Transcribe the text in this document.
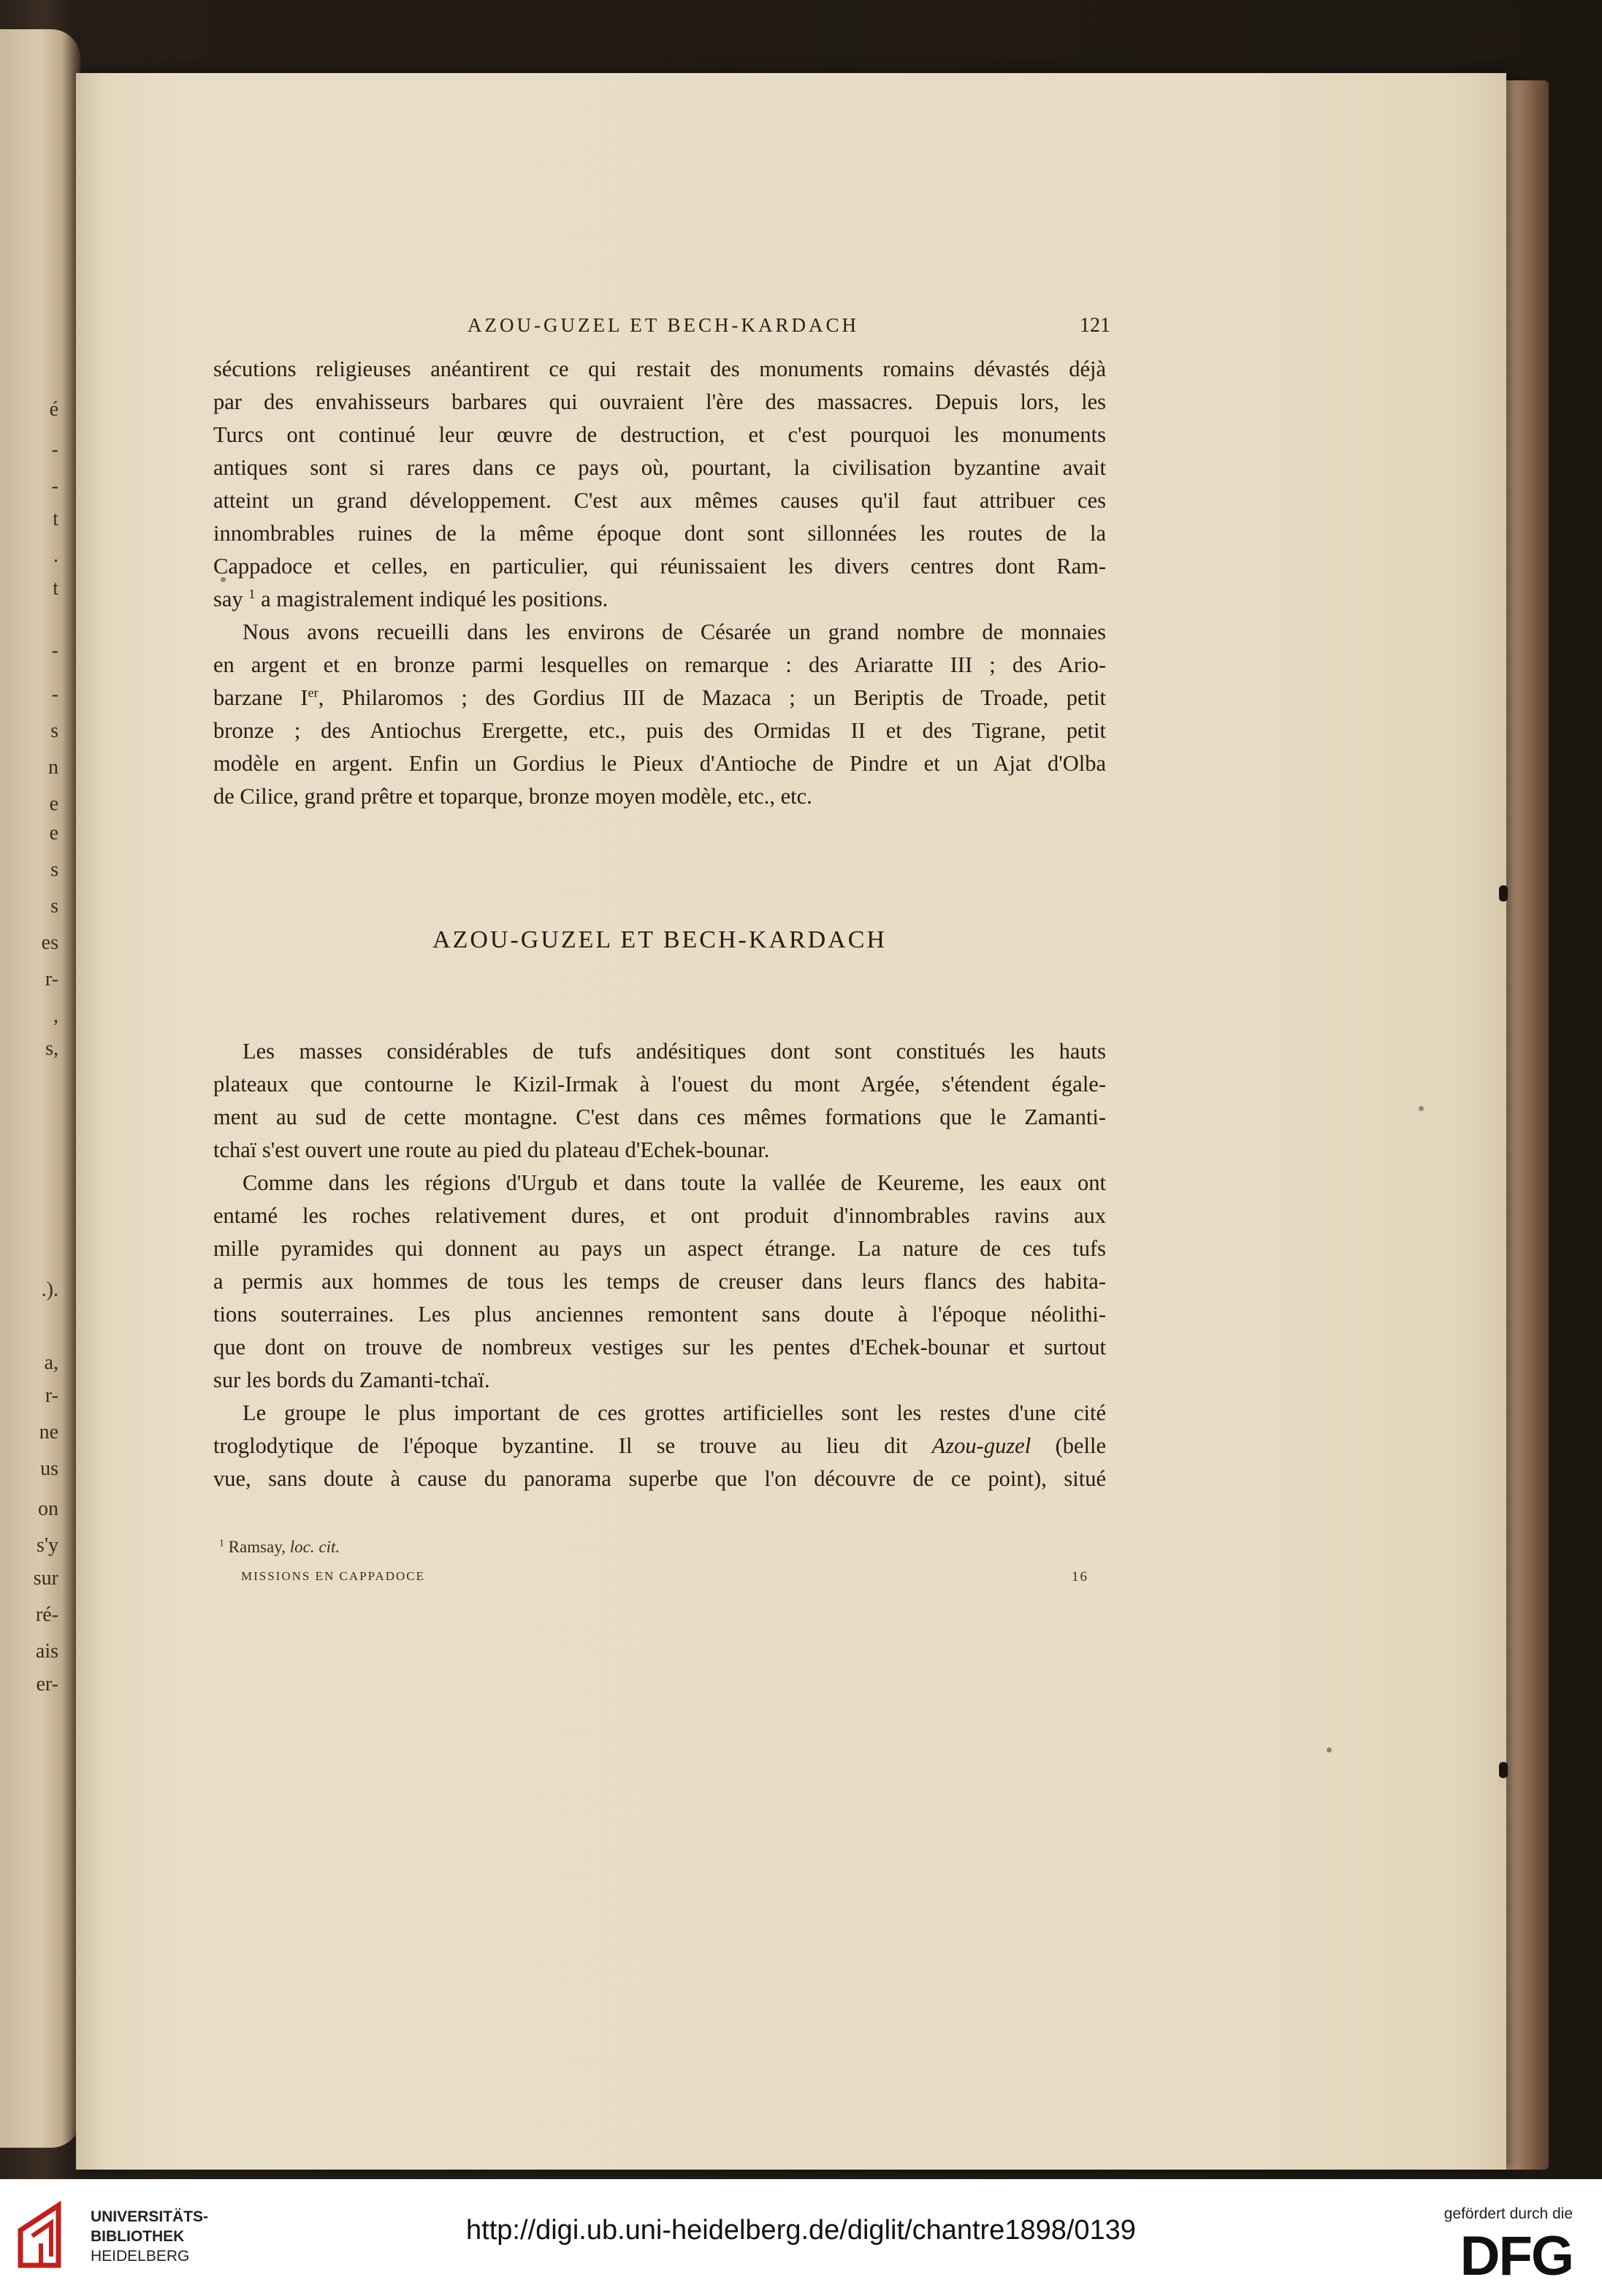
é
-
-
t
.
t
-
-
s
n
e
e
s
s
es
r-
,
s,
.).
a,
r-
ne
us
on
s'y
sur
ré-
ais
er-
AZOU-GUZEL ET BECH-KARDACH	121

sécutions religieuses anéantirent ce qui restait des monuments romains dévastés déjà
par des envahisseurs barbares qui ouvraient l'ère des massacres. Depuis lors, les
Turcs ont continué leur œuvre de destruction, et c'est pourquoi les monuments
antiques sont si rares dans ce pays où, pourtant, la civilisation byzantine avait
atteint un grand développement. C'est aux mêmes causes qu'il faut attribuer ces
innombrables ruines de la même époque dont sont sillonnées les routes de la
Cappadoce et celles, en particulier, qui réunissaient les divers centres dont Ram-
say $^1$ a magistralement indiqué les positions.

Nous avons recueilli dans les environs de Césarée un grand nombre de monnaies
en argent et en bronze parmi lesquelles on remarque : des Ariaratte III ; des Ario-
barzane Ier, Philaromos ; des Gordius III de Mazaca ; un Beriptis de Troade, petit
bronze ; des Antiochus Erergette, etc., puis des Ormidas II et des Tigrane, petit
modèle en argent. Enfin un Gordius le Pieux d'Antioche de Pindre et un Ajat d'Olba
de Cilice, grand prêtre et toparque, bronze moyen modèle, etc., etc.

AZOU-GUZEL ET BECH-KARDACH

Les masses considérables de tufs andésitiques dont sont constitués les hauts
plateaux que contourne le Kizil-Irmak à l'ouest du mont Argée, s'étendent égale-
ment au sud de cette montagne. C'est dans ces mêmes formations que le Zamanti-
tchaï s'est ouvert une route au pied du plateau d'Echek-bounar.

Comme dans les régions d'Urgub et dans toute la vallée de Keureme, les eaux ont
entamé les roches relativement dures, et ont produit d'innombrables ravins aux
mille pyramides qui donnent au pays un aspect étrange. La nature de ces tufs
a permis aux hommes de tous les temps de creuser dans leurs flancs des habita-
tions souterraines. Les plus anciennes remontent sans doute à l'époque néolithi-
que dont on trouve de nombreux vestiges sur les pentes d'Echek-bounar et surtout
sur les bords du Zamanti-tchaï.

Le groupe le plus important de ces grottes artificielles sont les restes d'une cité
troglodytique de l'époque byzantine. Il se trouve au lieu dit Azou-guzel (belle
vue, sans doute à cause du panorama superbe que l'on découvre de ce point), situé

$^1$ Ramsay, loc. cit.
MISSIONS EN CAPPADOCE	16
UNIVERSITÄTS-
BIBLIOTHEK
HEIDELBERG
http://digi.ub.uni-heidelberg.de/diglit/chantre1898/0139
gefördert durch die
DFG
